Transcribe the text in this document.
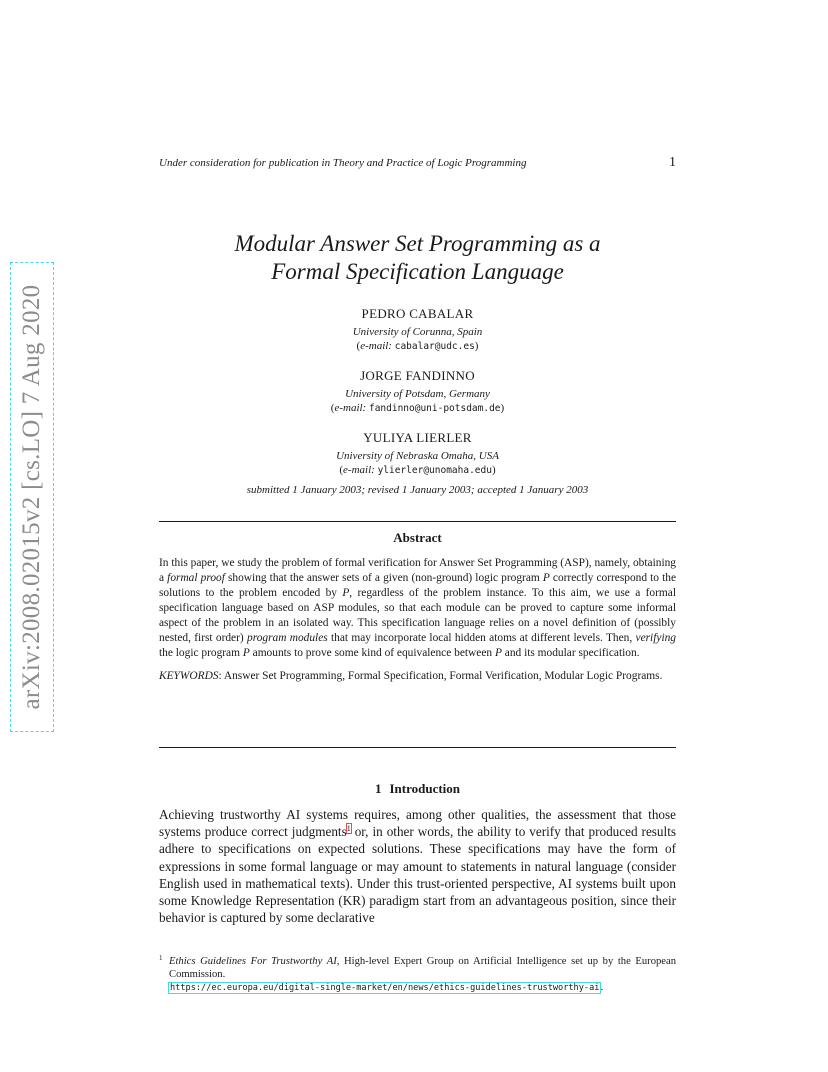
arXiv:2008.02015v2 [cs.LO] 7 Aug 2020
Under consideration for publication in Theory and Practice of Logic Programming	1
Modular Answer Set Programming as a
Formal Specification Language
PEDRO CABALAR
University of Corunna, Spain
(e-mail: cabalar@udc.es)
JORGE FANDINNO
University of Potsdam, Germany
(e-mail: fandinno@uni-potsdam.de)
YULIYA LIERLER
University of Nebraska Omaha, USA
(e-mail: ylierler@unomaha.edu)
submitted 1 January 2003; revised 1 January 2003; accepted 1 January 2003
Abstract

In this paper, we study the problem of formal verification for Answer Set Programming (ASP), namely, obtaining a formal proof showing that the answer sets of a given (non-ground) logic program P correctly correspond to the solutions to the problem encoded by P, regardless of the problem instance. To this aim, we use a formal specification language based on ASP modules, so that each module can be proved to capture some informal aspect of the problem in an isolated way. This specification language relies on a novel definition of (possibly nested, first order) program modules that may incorporate local hidden atoms at different levels. Then, verifying the logic program P amounts to prove some kind of equivalence between P and its modular specification.

KEYWORDS: Answer Set Programming, Formal Specification, Formal Verification, Modular Logic Programs.

1 Introduction

Achieving trustworthy AI systems requires, among other qualities, the assessment that those systems produce correct judgments$^1$ or, in other words, the ability to verify that produced results adhere to specifications on expected solutions. These specifications may have the form of expressions in some formal language or may amount to statements in natural language (consider English used in mathematical texts). Under this trust-oriented perspective, AI systems built upon some Knowledge Representation (KR) paradigm start from an advantageous position, since their behavior is captured by some declarative

1 Ethics Guidelines For Trustworthy AI, High-level Expert Group on Artificial Intelligence set up by the European Commission.
https://ec.europa.eu/digital-single-market/en/news/ethics-guidelines-trustworthy-ai.
